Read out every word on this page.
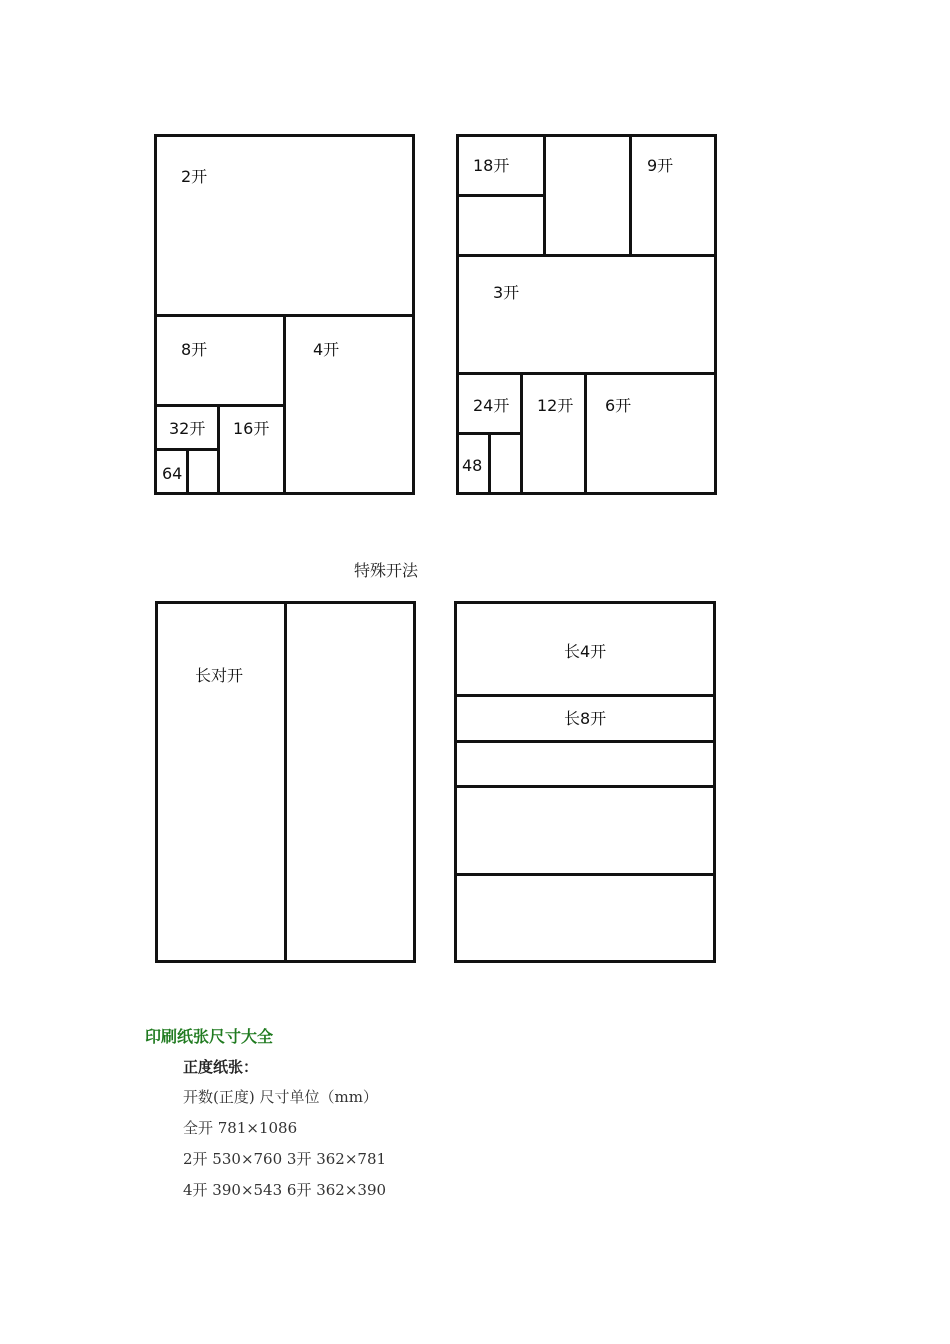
2开
8开	4开
32开 16开
64
18开	9开
3开
24开 12开 6开
48
特殊开法
长对开
长4开
长8开
印刷纸张尺寸大全
正度纸张：
开数(正度) 尺寸单位（mm）
全开 781×1086
2开 530×760 3开 362×781
4开 390×543 6开 362×390
